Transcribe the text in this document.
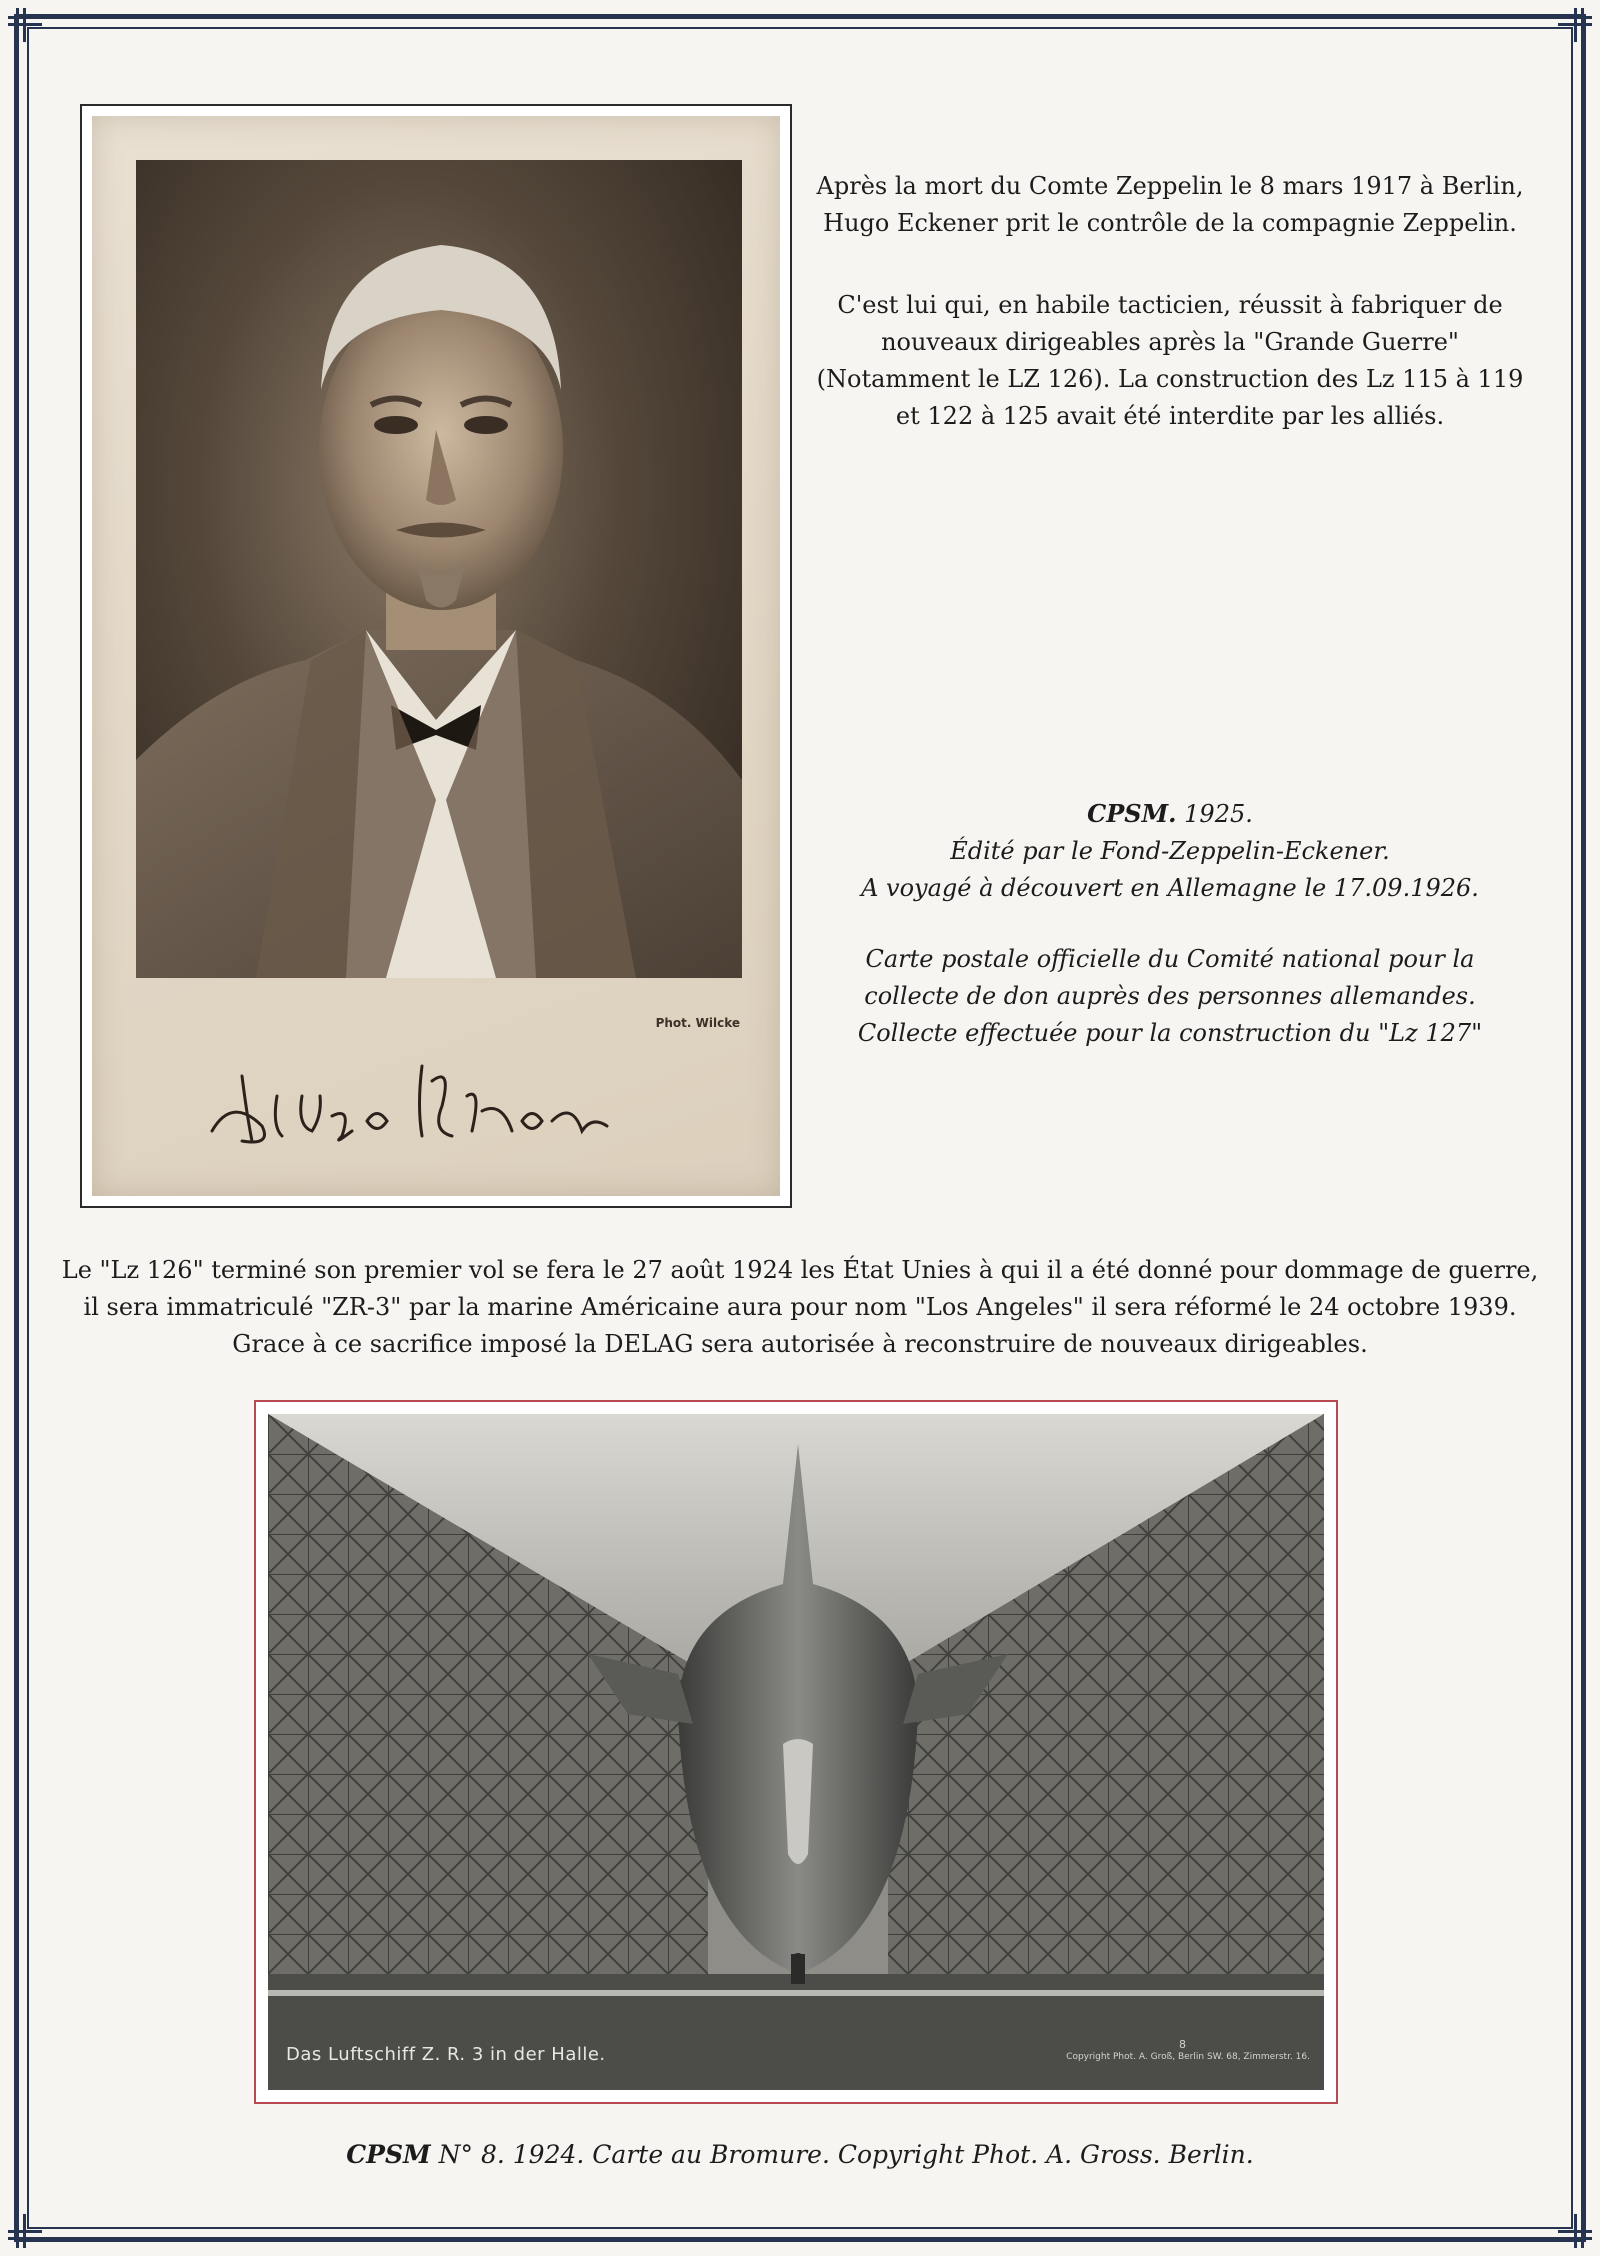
Phot. Wilcke

Après la mort du Comte Zeppelin le 8 mars 1917 à Berlin,
Hugo Eckener prit le contrôle de la compagnie Zeppelin.

C'est lui qui, en habile tacticien, réussit à fabriquer de
nouveaux dirigeables après la "Grande Guerre"
(Notamment le LZ 126). La construction des Lz 115 à 119
et 122 à 125 avait été interdite par les alliés.

CPSM. 1925.
Édité par le Fond-Zeppelin-Eckener.
A voyagé à découvert en Allemagne le 17.09.1926.

Carte postale officielle du Comité national pour la
collecte de don auprès des personnes allemandes.
Collecte effectuée pour la construction du "Lz 127"

Le "Lz 126" terminé son premier vol se fera le 27 août 1924 les État Unies à qui il a été donné pour dommage de guerre,
il sera immatriculé "ZR-3" par la marine Américaine aura pour nom "Los Angeles" il sera réformé le 24 octobre 1939.
Grace à ce sacrifice imposé la DELAG sera autorisée à reconstruire de nouveaux dirigeables.
Das Luftschiff Z. R. 3 in der Halle.	8
Copyright Phot. A. Groß, Berlin SW. 68, Zimmerstr. 16.
CPSM N° 8. 1924. Carte au Bromure. Copyright Phot. A. Gross. Berlin.
